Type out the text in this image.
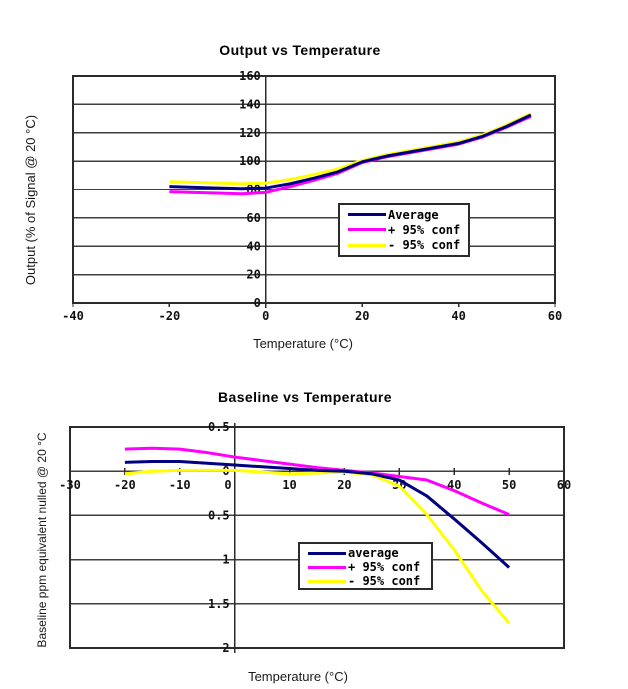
0
20
40
60
80
100
120
140
160
-40	-20	0	20	40	60
0.5
0
0.5
1
1.5
2
-30	-20	-10	0	10	20	30	40	50	60
Output vs Temperature
Output (% of Signal @ 20 °C)
Temperature (°C)
Average
+ 95% conf
- 95% conf
Baseline vs Temperature
Baseline ppm equivalent nulled @ 20 °C
Temperature (°C)
average
+ 95% conf
- 95% conf
